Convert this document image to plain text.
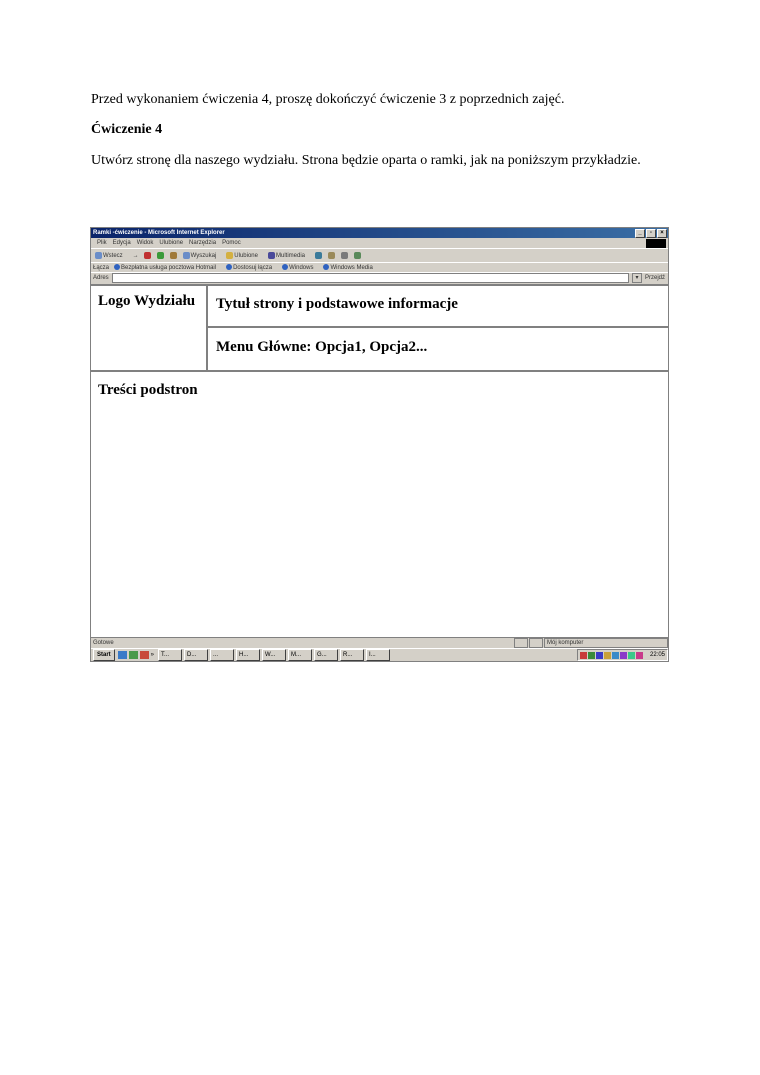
Przed wykonaniem ćwiczenia 4, proszę dokończyć ćwiczenie 3 z poprzednich zajęć.

Ćwiczenie 4

Utwórz stronę dla naszego wydziału. Strona będzie oparta o ramki, jak na poniższym przykładzie.

Ramki -ćwiczenie - Microsoft Internet Explorer	_	▫	×
Plik Edycja Widok Ulubione Narzędzia Pomoc
Wstecz	→	Wyszukaj	Ulubione	Multimedia
Łącza	Bezpłatna usługa pocztowa Hotmail	Dostosuj łącza	Windows	Windows Media
Adres	▾	Przejdź
Logo Wydziału	Tytuł strony i podstawowe informacje
Menu Główne: Opcja1, Opcja2...
Treści podstron
Gotowe	Mój komputer
Start	»	T...	D...	...	H...	W...	M...	G...	R...	I...	22:05
